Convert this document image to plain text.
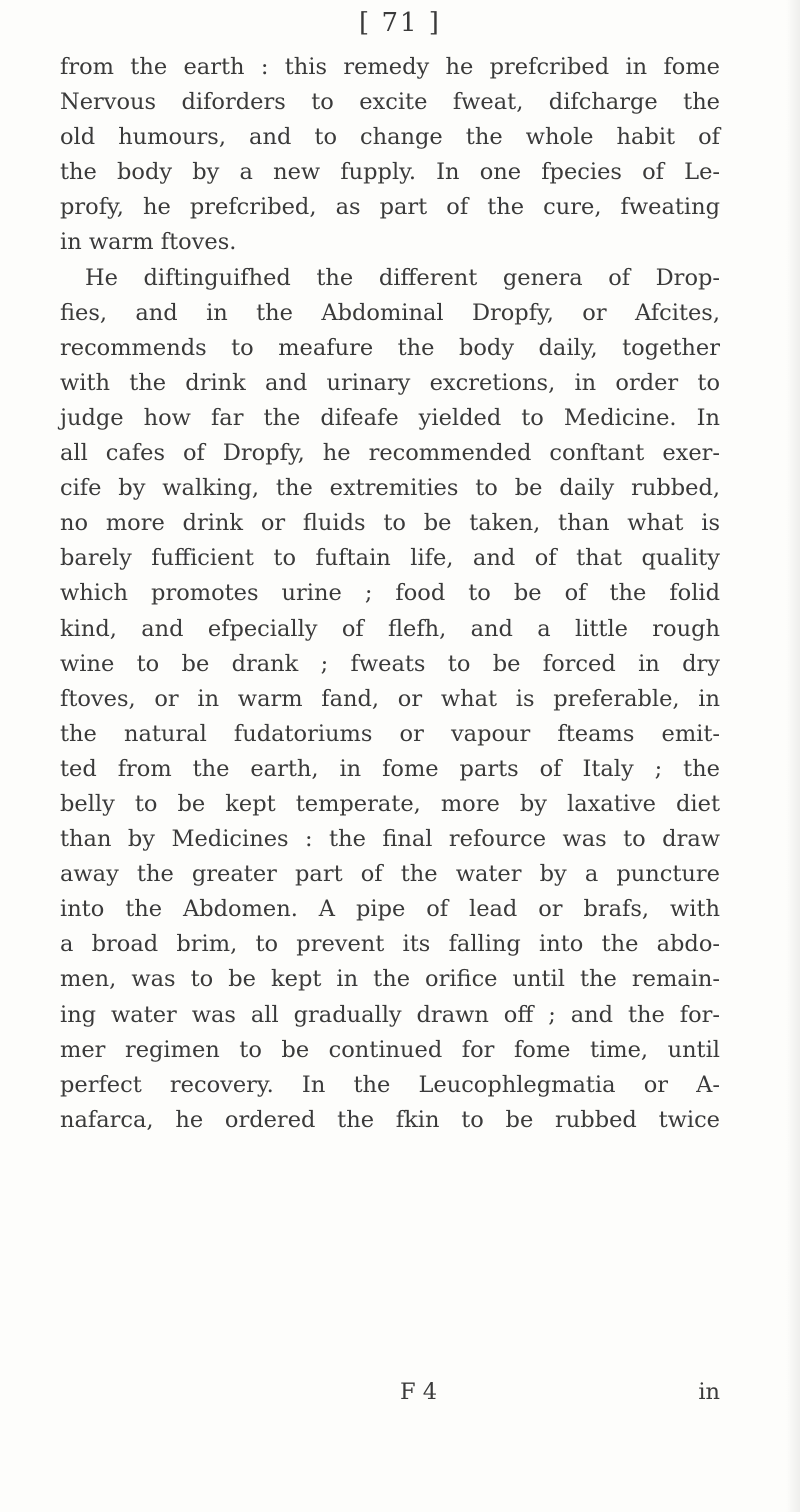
[ 71 ]
from the earth : this remedy he prefcribed in fome
Nervous diforders to excite fweat, difcharge the
old humours, and to change the whole habit of
the body by a new fupply. In one fpecies of Le-
profy, he prefcribed, as part of the cure, fweating
in warm ftoves.
He diftinguifhed the different genera of Drop-
fies, and in the Abdominal Dropfy, or Afcites,
recommends to meafure the body daily, together
with the drink and urinary excretions, in order to
judge how far the difeafe yielded to Medicine. In
all cafes of Dropfy, he recommended conftant exer-
cife by walking, the extremities to be daily rubbed,
no more drink or fluids to be taken, than what is
barely fufficient to fuftain life, and of that quality
which promotes urine ; food to be of the folid
kind, and efpecially of flefh, and a little rough
wine to be drank ; fweats to be forced in dry
ftoves, or in warm fand, or what is preferable, in
the natural fudatoriums or vapour fteams emit-
ted from the earth, in fome parts of Italy ; the
belly to be kept temperate, more by laxative diet
than by Medicines : the final refource was to draw
away the greater part of the water by a puncture
into the Abdomen. A pipe of lead or brafs, with
a broad brim, to prevent its falling into the abdo-
men, was to be kept in the orifice until the remain-
ing water was all gradually drawn off ; and the for-
mer regimen to be continued for fome time, until
perfect recovery. In the Leucophlegmatia or A-
nafarca, he ordered the fkin to be rubbed twice
F 4	in
